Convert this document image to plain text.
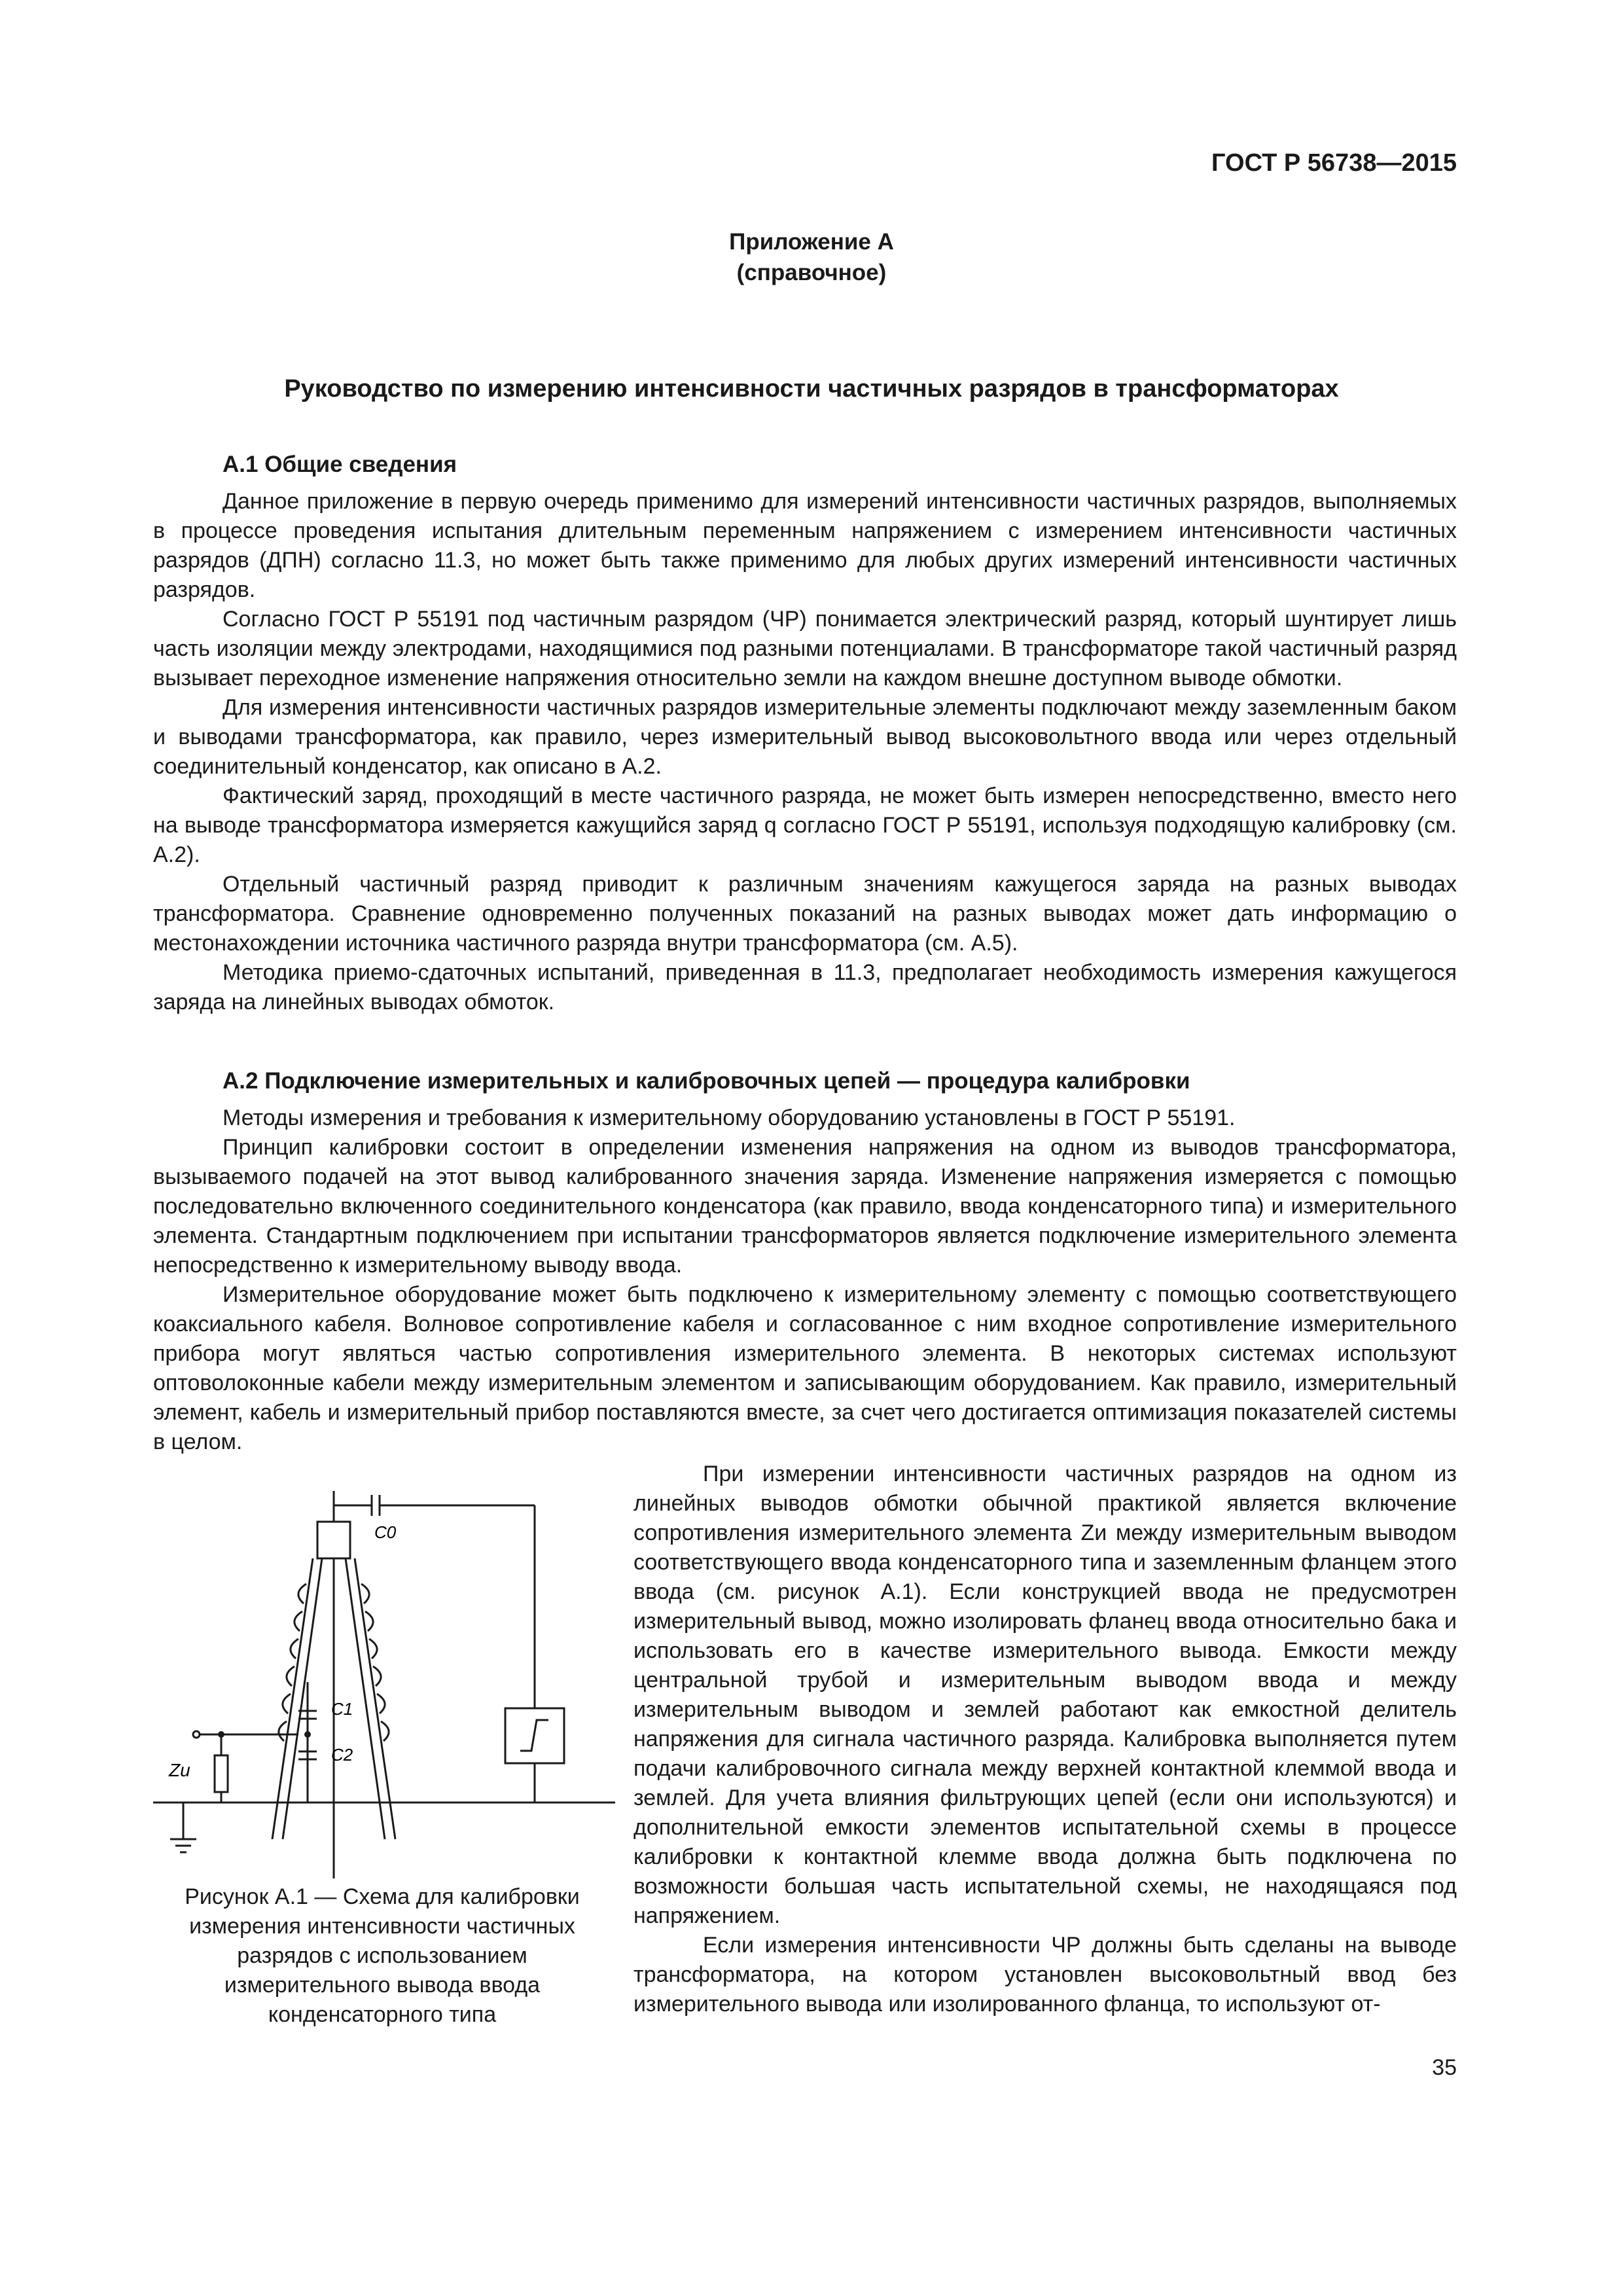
ГОСТ Р 56738—2015
Приложение А
(справочное)
Руководство по измерению интенсивности частичных разрядов в трансформаторах
А.1 Общие сведения

Данное приложение в первую очередь применимо для измерений интенсивности частичных разрядов, выполняемых в процессе проведения испытания длительным переменным напряжением с измерением интенсивности частичных разрядов (ДПН) согласно 11.3, но может быть также применимо для любых других измерений интенсивности частичных разрядов.

Согласно ГОСТ Р 55191 под частичным разрядом (ЧР) понимается электрический разряд, который шунтирует лишь часть изоляции между электродами, находящимися под разными потенциалами. В трансформаторе такой частичный разряд вызывает переходное изменение напряжения относительно земли на каждом внешне доступном выводе обмотки.

Для измерения интенсивности частичных разрядов измерительные элементы подключают между заземленным баком и выводами трансформатора, как правило, через измерительный вывод высоковольтного ввода или через отдельный соединительный конденсатор, как описано в А.2.

Фактический заряд, проходящий в месте частичного разряда, не может быть измерен непосредственно, вместо него на выводе трансформатора измеряется кажущийся заряд q согласно ГОСТ Р 55191, используя подходящую калибровку (см. А.2).

Отдельный частичный разряд приводит к различным значениям кажущегося заряда на разных выводах трансформатора. Сравнение одновременно полученных показаний на разных выводах может дать информацию о местонахождении источника частичного разряда внутри трансформатора (см. А.5).

Методика приемо-сдаточных испытаний, приведенная в 11.3, предполагает необходимость измерения кажущегося заряда на линейных выводах обмоток.

А.2 Подключение измерительных и калибровочных цепей — процедура калибровки

Методы измерения и требования к измерительному оборудованию установлены в ГОСТ Р 55191.

Принцип калибровки состоит в определении изменения напряжения на одном из выводов трансформатора, вызываемого подачей на этот вывод калиброванного значения заряда. Изменение напряжения измеряется с помощью последовательно включенного соединительного конденсатора (как правило, ввода конденсаторного типа) и измерительного элемента. Стандартным подключением при испытании трансформаторов является подключение измерительного элемента непосредственно к измерительному выводу ввода.

Измерительное оборудование может быть подключено к измерительному элементу с помощью соответствующего коаксиального кабеля. Волновое сопротивление кабеля и согласованное с ним входное сопротивление измерительного прибора могут являться частью сопротивления измерительного элемента. В некоторых системах используют оптоволоконные кабели между измерительным элементом и записывающим оборудованием. Как правило, измерительный элемент, кабель и измерительный прибор поставляются вместе, за счет чего достигается оптимизация показателей системы в целом.

При измерении интенсивности частичных разрядов на одном из линейных выводов обмотки обычной практикой является включение сопротивления измерительного элемента Zи между измерительным выводом соответствующего ввода конденсаторного типа и заземленным фланцем этого ввода (см. рисунок А.1). Если конструкцией ввода не предусмотрен измерительный вывод, можно изолировать фланец ввода относительно бака и использовать его в качестве измерительного вывода. Емкости между центральной трубой и измерительным выводом ввода и между измерительным выводом и землей работают как емкостной делитель напряжения для сигнала частичного разряда. Калибровка выполняется путем подачи калибровочного сигнала между верхней контактной клеммой ввода и землей. Для учета влияния фильтрующих цепей (если они используются) и дополнительной емкости элементов испытательной схемы в процессе калибровки к контактной клемме ввода должна быть подключена по возможности большая часть испытательной схемы, не находящаяся под напряжением.

Если измерения интенсивности ЧР должны быть сделаны на выводе трансформатора, на котором установлен высоковольтный ввод без измерительного вывода или изолированного фланца, то используют от-

C0
C1
C2
Zи
Рисунок А.1 — Схема для калибровки измерения интенсивности частичных разрядов с использованием измерительного вывода ввода конденсаторного типа
35
